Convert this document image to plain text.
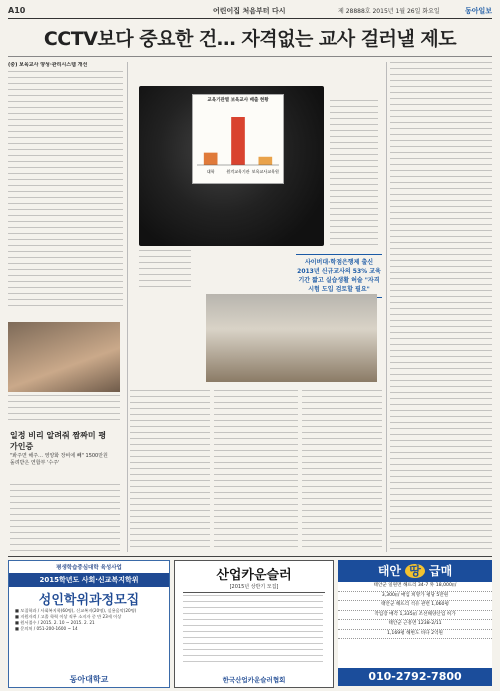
A10	어린이집 처음부터 다시	제 28888호 2015년 1월 26일 화요일	동아일보
CCTV보다 중요한 건… 자격없는 교사 걸러낼 제도
(중) 보육교사 양성·관리시스템 개선
교육기관별 보육교사 배출 현황
대학	원격교육기관 보육교사교육원
사이버대·학점은행제 출신 2013년 신규교사의 53% 교육기간 짧고 실습생활 허술 "자격시험 도입 검토할 필요"
일정 비리 알려줘 짬짜미 평가인증
"봐주면 해주… 영양화 장비에 빼" 1500만원 돌려받은 연합부 '수주'
평생학습중심대학 육성사업
2015학년도 사회·신교복지학위
성인학위과정모집
■ 모집학과 / 사회복지학(60명), 신교복지(20명), 실용음악(20명)
■ 지원자격 / 고졸 학력 이상 직무 소지자 중 만 23세 이상
■ 원서접수 / 2015. 2. 10 ~ 2015. 2. 21
■ 문의처 / 051-200-1600 ~ 14
동아대학교
산업카운슬러
[2015년 상반기 모집]
한국산업카운슬러협회
태안 땅 급매
태안군 일원면 해뜨리 34-7 外 18,000㎡
3,300㎡ 매입 희망가 평당 5만원
태안군 해뜨리 석유 관련 1,060평
작업장 매각 1,335㎡ 조선해양산업 허가
태안군 근흥면 1238-2/11
1,169평 해변도 바다 2억원
010-2792-7800
